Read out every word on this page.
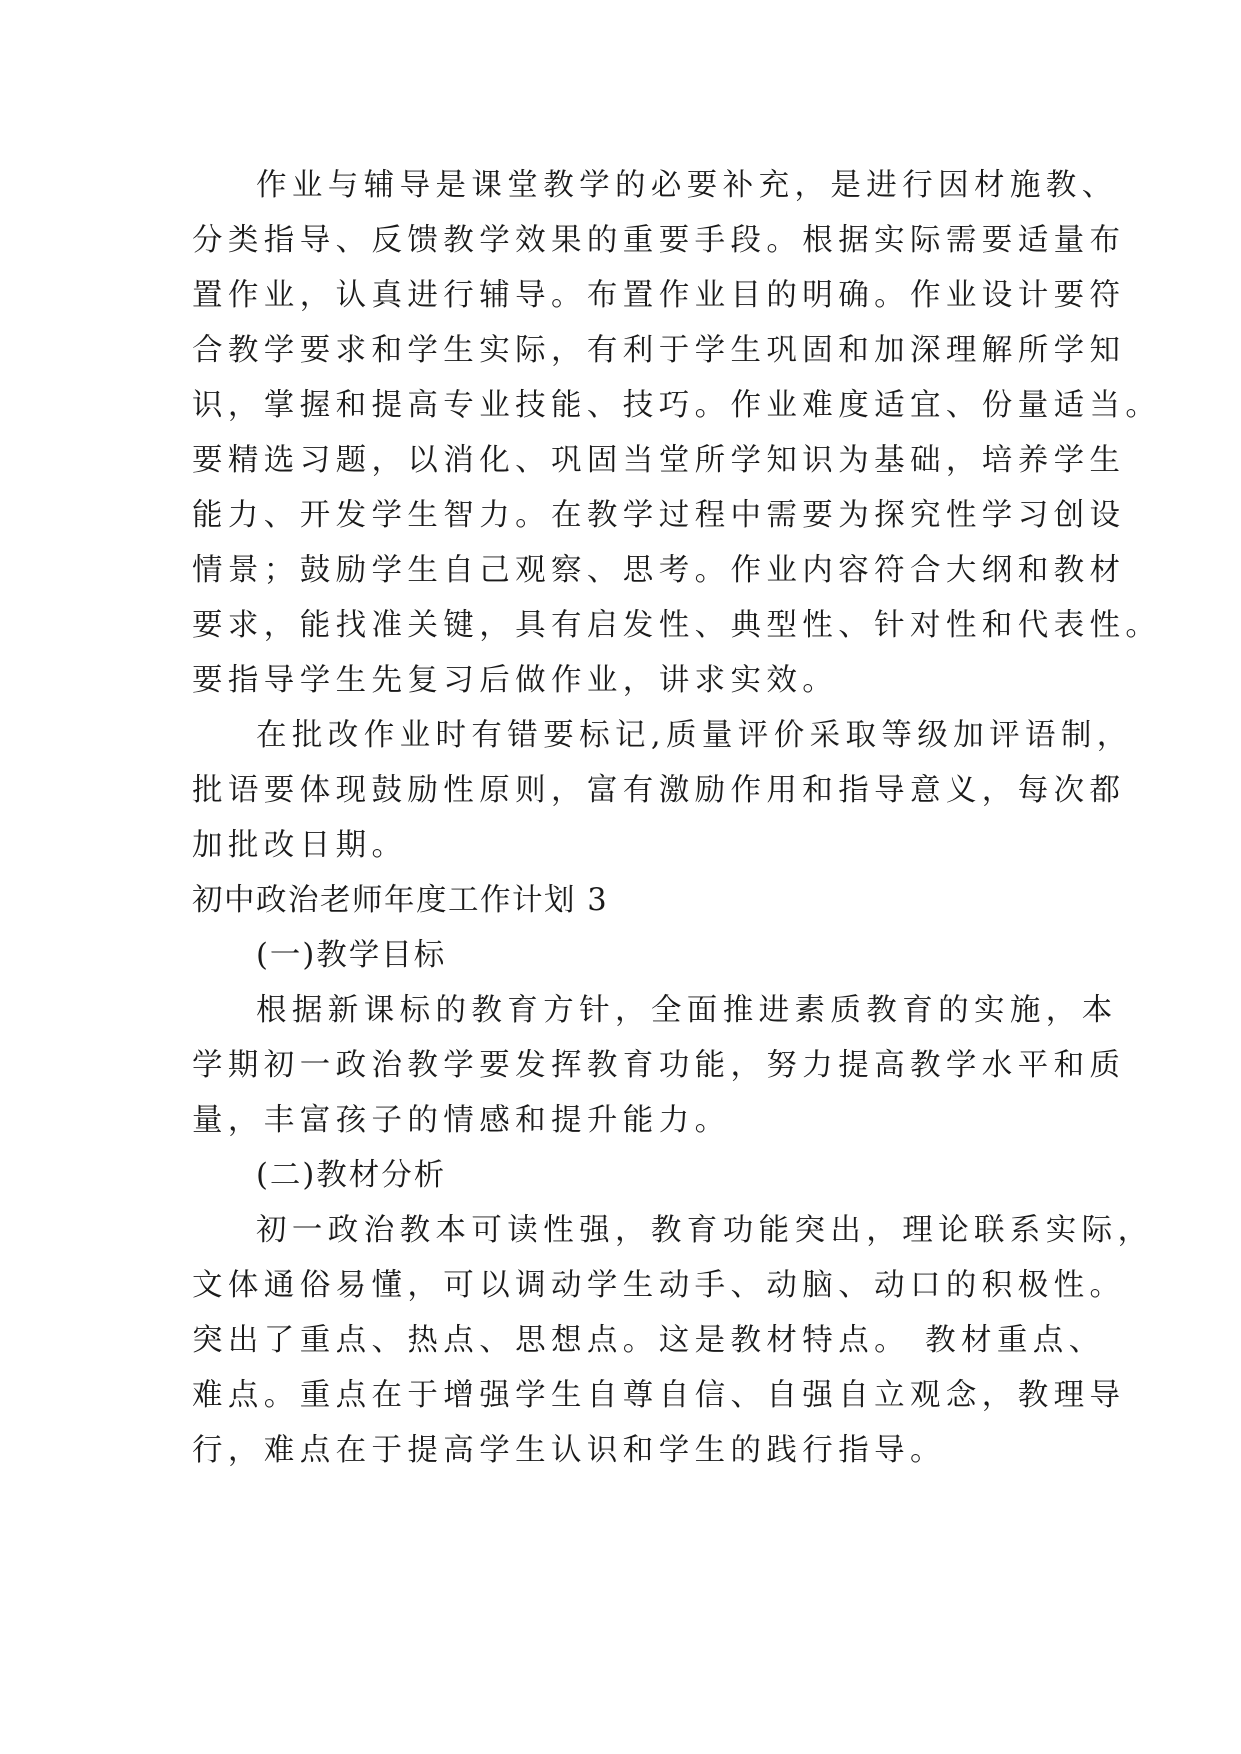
作业与辅导是课堂教学的必要补充，是进行因材施教、
分类指导、反馈教学效果的重要手段。根据实际需要适量布
置作业，认真进行辅导。布置作业目的明确。作业设计要符
合教学要求和学生实际，有利于学生巩固和加深理解所学知
识，掌握和提高专业技能、技巧。作业难度适宜、份量适当。
要精选习题，以消化、巩固当堂所学知识为基础，培养学生
能力、开发学生智力。在教学过程中需要为探究性学习创设
情景；鼓励学生自己观察、思考。作业内容符合大纲和教材
要求，能找准关键，具有启发性、典型性、针对性和代表性。
要指导学生先复习后做作业，讲求实效。
在批改作业时有错要标记,质量评价采取等级加评语制，
批语要体现鼓励性原则，富有激励作用和指导意义，每次都
加批改日期。
初中政治老师年度工作计划 3
(一)教学目标
根据新课标的教育方针，全面推进素质教育的实施，本
学期初一政治教学要发挥教育功能，努力提高教学水平和质
量，丰富孩子的情感和提升能力。
(二)教材分析
初一政治教本可读性强，教育功能突出，理论联系实际，
文体通俗易懂，可以调动学生动手、动脑、动口的积极性。
突出了重点、热点、思想点。这是教材特点。 教材重点、
难点。重点在于增强学生自尊自信、自强自立观念，教理导
行，难点在于提高学生认识和学生的践行指导。
